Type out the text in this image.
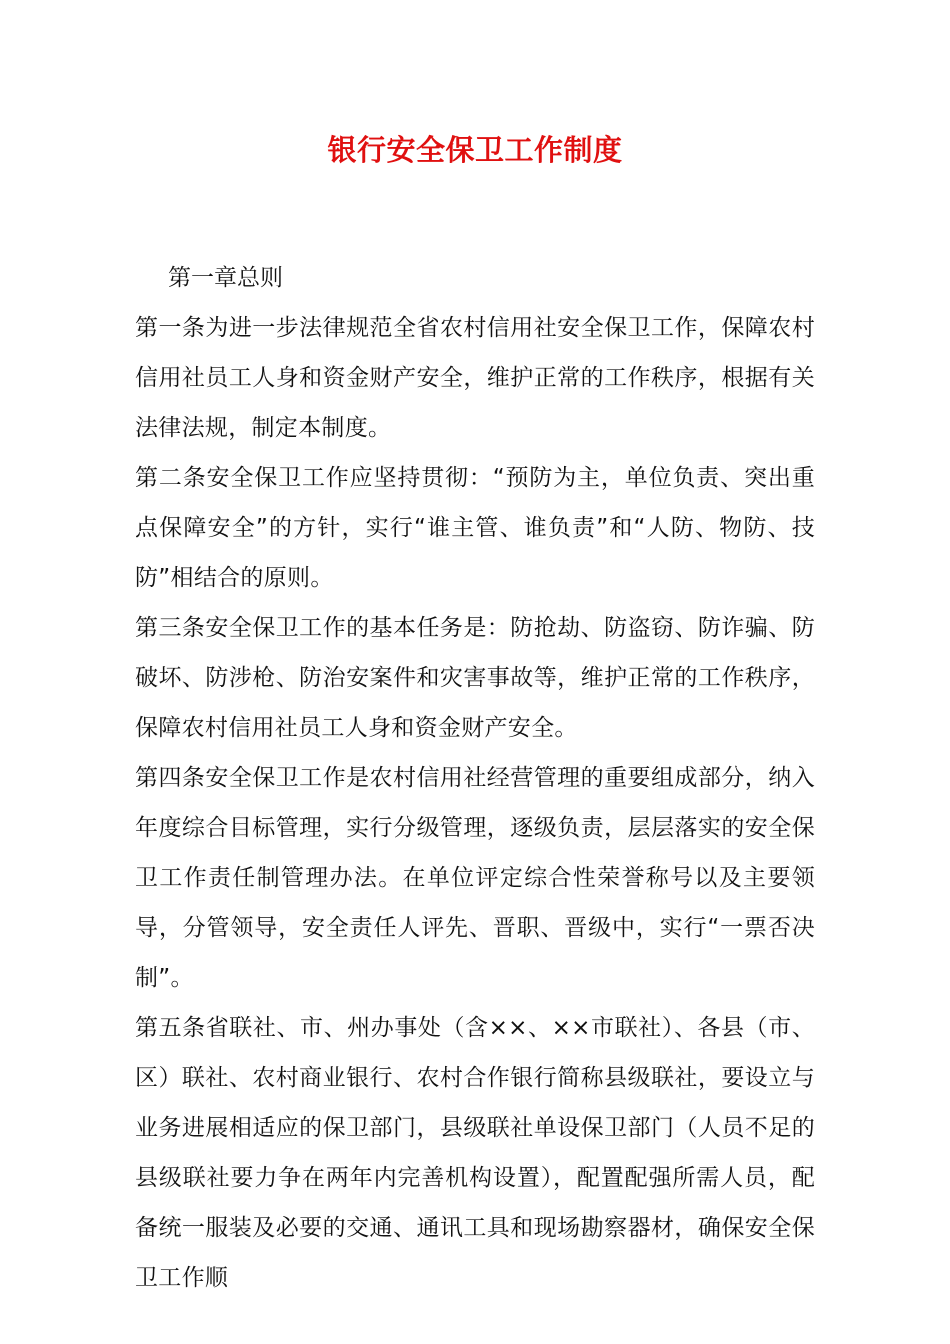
银行安全保卫工作制度

第一章总则

第一条为进一步法律规范全省农村信用社安全保卫工作，保障农村信用社员工人身和资金财产安全，维护正常的工作秩序，根据有关法律法规，制定本制度。

第二条安全保卫工作应坚持贯彻：“预防为主，单位负责、突出重点保障安全”的方针，实行“谁主管、谁负责”和“人防、物防、技防”相结合的原则。

第三条安全保卫工作的基本任务是：防抢劫、防盗窃、防诈骗、防破坏、防涉枪、防治安案件和灾害事故等，维护正常的工作秩序，保障农村信用社员工人身和资金财产安全。

第四条安全保卫工作是农村信用社经营管理的重要组成部分，纳入年度综合目标管理，实行分级管理，逐级负责，层层落实的安全保卫工作责任制管理办法。在单位评定综合性荣誉称号以及主要领导，分管领导，安全责任人评先、晋职、晋级中，实行“一票否决制”。

第五条省联社、市、州办事处（含××、××市联社）、各县（市、区）联社、农村商业银行、农村合作银行简称县级联社，要设立与业务进展相适应的保卫部门，县级联社单设保卫部门（人员不足的县级联社要力争在两年内完善机构设置），配置配强所需人员，配备统一服装及必要的交通、通讯工具和现场勘察器材，确保安全保卫工作顺
